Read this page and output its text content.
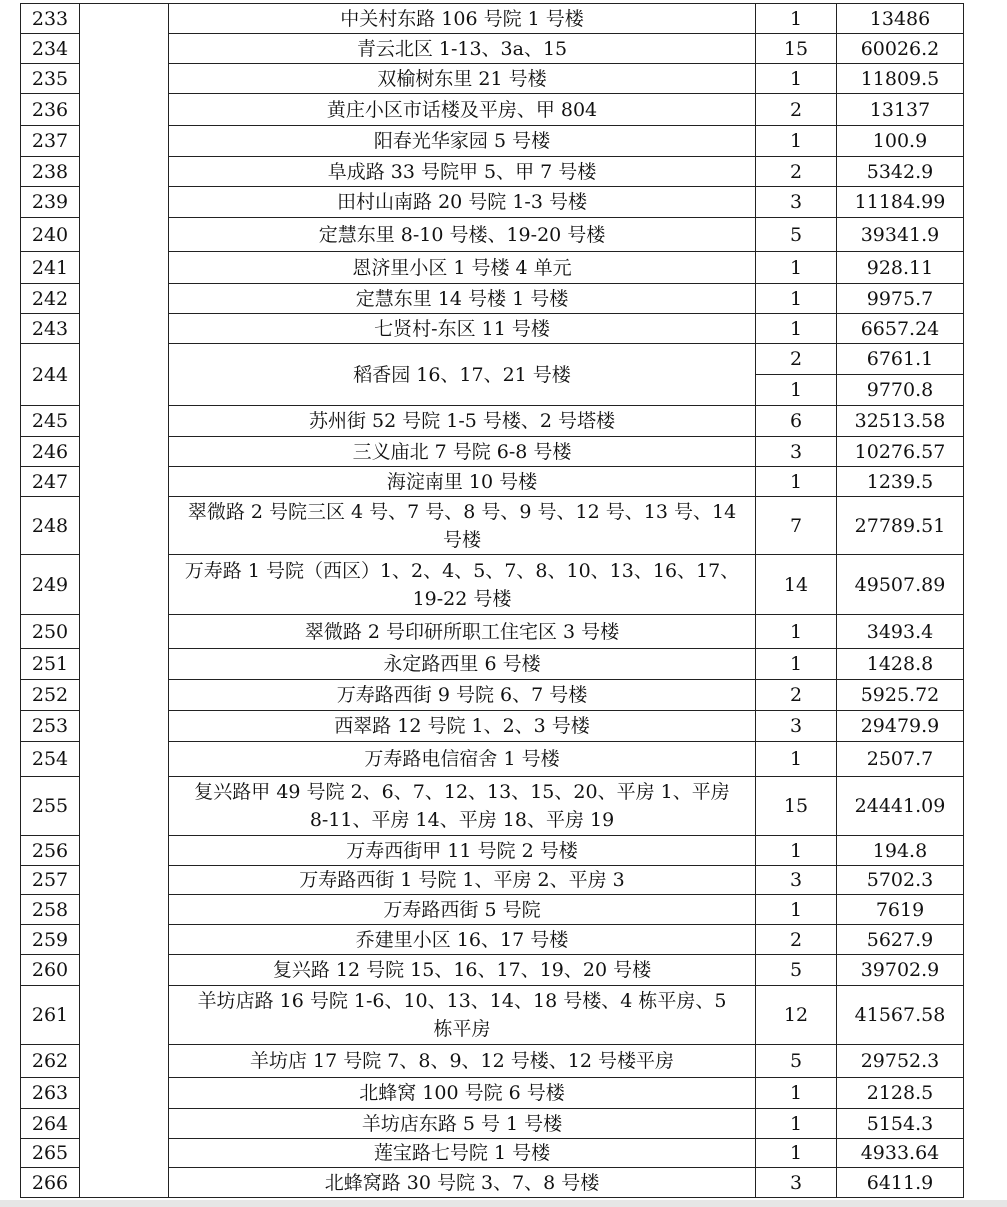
233		中关村东路 106 号院 1 号楼	1	13486
234		青云北区 1-13、3a、15	15	60026.2
235		双榆树东里 21 号楼	1	11809.5
236		黄庄小区市话楼及平房、甲 804	2	13137
237		阳春光华家园 5 号楼	1	100.9
238		阜成路 33 号院甲 5、甲 7 号楼	2	5342.9
239		田村山南路 20 号院 1-3 号楼	3	11184.99
240		定慧东里 8-10 号楼、19-20 号楼	5	39341.9
241		恩济里小区 1 号楼 4 单元	1	928.11
242		定慧东里 14 号楼 1 号楼	1	9975.7
243		七贤村-东区 11 号楼	1	6657.24
244		稻香园 16、17、21 号楼	2	6761.1
			1	9770.8
245		苏州街 52 号院 1-5 号楼、2 号塔楼	6	32513.58
246		三义庙北 7 号院 6-8 号楼	3	10276.57
247		海淀南里 10 号楼	1	1239.5
248		翠微路 2 号院三区 4 号、7 号、8 号、9 号、12 号、13 号、14
号楼	7	27789.51
249		万寿路 1 号院（西区）1、2、4、5、7、8、10、13、16、17、
19-22 号楼	14	49507.89
250		翠微路 2 号印研所职工住宅区 3 号楼	1	3493.4
251		永定路西里 6 号楼	1	1428.8
252		万寿路西街 9 号院 6、7 号楼	2	5925.72
253		西翠路 12 号院 1、2、3 号楼	3	29479.9
254		万寿路电信宿舍 1 号楼	1	2507.7
255		复兴路甲 49 号院 2、6、7、12、13、15、20、平房 1、平房
8-11、平房 14、平房 18、平房 19	15	24441.09
256		万寿西街甲 11 号院 2 号楼	1	194.8
257		万寿路西街 1 号院 1、平房 2、平房 3	3	5702.3
258		万寿路西街 5 号院	1	7619
259		乔建里小区 16、17 号楼	2	5627.9
260		复兴路 12 号院 15、16、17、19、20 号楼	5	39702.9
261		羊坊店路 16 号院 1-6、10、13、14、18 号楼、4 栋平房、5
栋平房	12	41567.58
262		羊坊店 17 号院 7、8、9、12 号楼、12 号楼平房	5	29752.3
263		北蜂窝 100 号院 6 号楼	1	2128.5
264		羊坊店东路 5 号 1 号楼	1	5154.3
265		莲宝路七号院 1 号楼	1	4933.64
266		北蜂窝路 30 号院 3、7、8 号楼	3	6411.9
